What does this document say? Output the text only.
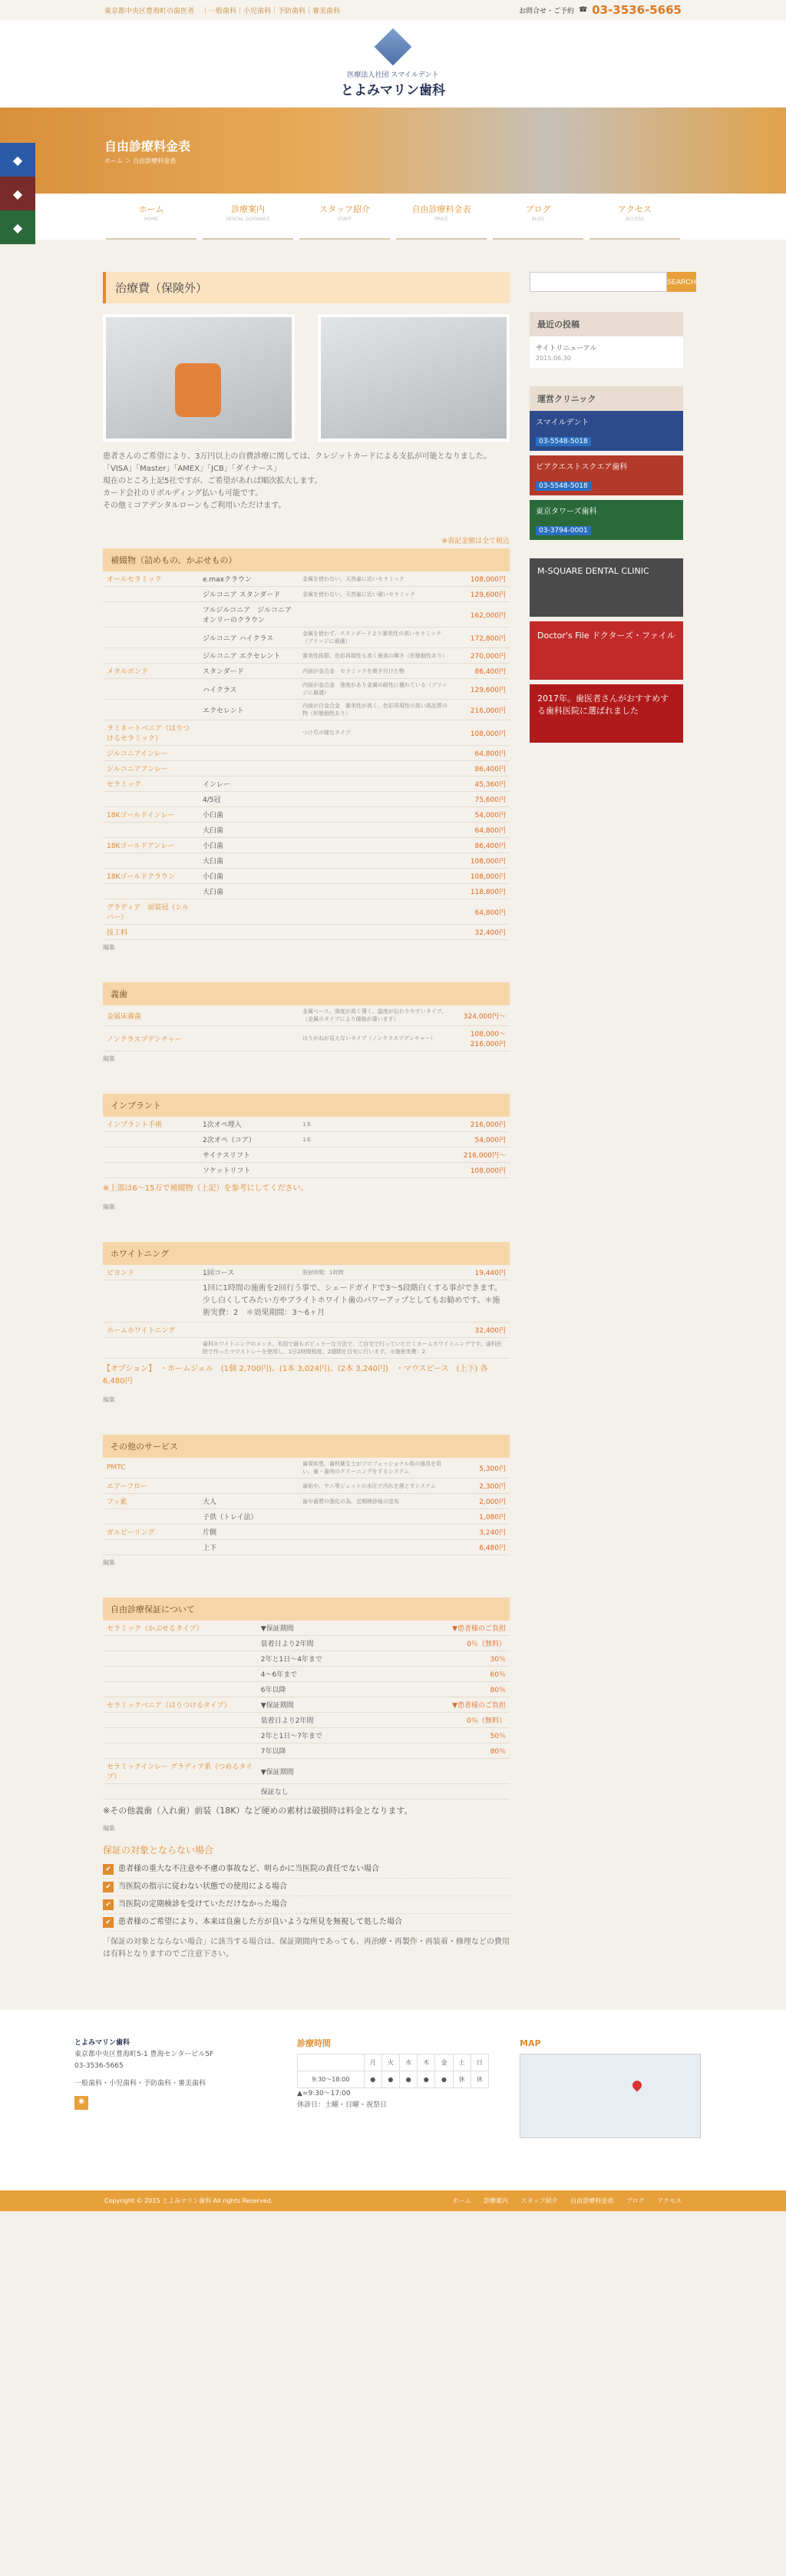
東京都中央区豊海町の歯医者 ｜一般歯科｜小児歯科｜予防歯科｜審美歯科	お問合せ・ご予約 ☎ 03-3536-5665
医療法人社団 スマイルデント
とよみマリン歯科
自由診療料金表
ホーム ＞ 自由診療料金表
◆
◆
◆
ホーム
HOME
診療案内
DENTAL GUIDANCE
スタッフ紹介
STAFF
自由診療料金表
PRICE
ブログ
BLOG
アクセス
ACCESS
治療費（保険外）

患者さんのご希望により、3万円以上の自費診療に関しては、クレジットカードによる支払が可能となりました。

「VISA」「Master」「AMEX」「JCB」「ダイナース」

現在のところ上記5社ですが、ご希望があれば順次拡大します。

カード会社のリボルディング払いも可能です。

その他ミコアデンタルローンもご利用いただけます。

※表記金額は全て税込
補綴物（詰めもの、かぶせもの）
オールセラミック	e.maxクラウン	金属を使わない、天然歯に近いセラミック	108,000円
	ジルコニア スタンダード	金属を使わない、天然歯に近い硬いセラミック	129,600円
	フルジルコニア　ジルコニアオンリーのクラウン		162,000円
	ジルコニア ハイクラス	金属を使わず、スタンダードより審美性の高いセラミック（ブリッジに最適）	172,800円
	ジルコニア エクセレント	審美性抜群。色彩再現性も高く最高の輝き（形態個性あり）	270,000円
メタルボンド	スタンダード	内面が金合金　セラミックを焼き付けた物	86,400円
	ハイクラス	内面が金合金　強度があり金属の耐性に優れている（ブリッジに最適）	129,600円
	エクセレント	内面が白金合金　審美性が高く、色彩再現性の高い高品質の物（形態個性あり）	216,000円
ラミネートベニア（はりつけるセラミック）		つけ爪の様なタイプ	108,000円
ジルコニアインレー			64,800円
ジルコニアアンレー			86,400円
セラミック	インレー		45,360円
	4/5冠		75,600円
18Kゴールドインレー	小臼歯		54,000円
	大臼歯		64,800円
18Kゴールドアンレー	小臼歯		86,400円
	大臼歯		108,000円
18Kゴールドクラウン	小臼歯		108,000円
	大臼歯		118,800円
グラディア　前装冠（シルバー）			64,800円
技工料			32,400円
編集
義歯
金属床義歯		金属ベース、強度が高く薄く、温度が伝わりやすいタイプ。（金属のタイプにより価格が違います）	324,000円〜
ノンクラスプデンチャー		はりがねが見えないタイプ（ノンクラスプデンチャー）	108,000〜216,000円
編集
インプラント
インプラント手術	1次オペ埋入	1本	216,000円
	2次オペ（コア）	1本	54,000円
	サイナスリフト		216,000円〜
	ソケットリフト		108,000円
※上部は6〜15万で補綴物（上記）を参考にしてください。
編集
ホワイトニング
ビヨンド	1回コース	照射時間：1時間	19,440円
	1回に1時間の施術を2回行う事で、シェードガイドで3〜5段階白くする事ができます。少し白くしてみたい方やブライトホワイト歯のパワーアップとしてもお勧めです。＊施術実費：2　＊効果期間：3〜6ヶ月		
ホームホワイトニング			32,400円
	歯科ホワイトニングのメッカ、米国で最もポピュラーな方法で、ご自宅で行っていただくホームホワイトニングです。歯科医院で作ったマウストレーを使用し、1日2時間程度、2週間を目安に行います。＊施術実費：2		
【オプション】　・ホームジェル　(1個 2,700円)、(1本 3,024円)、(2本 3,240円)　・マウスピース　(上下) 各6,480円
編集
その他のサービス
PMTC		歯周疾患、歯科衛生士がプロフェッショナル用の器具を用い、歯・歯肉のクリーニングをするシステム	5,300円
エアーフロー		歯垢や、ヤニ等ジェットの水圧で汚れを落とすシステム	2,300円
フッ素	大人	歯や歯質の強化の為、定期検診後の塗布	2,000円
	子供（トレイ法）		1,080円
ガルビーリング	片側		3,240円
	上下		6,480円
編集
自由診療保証について
セラミック（かぶせるタイプ）	▼保証期間	▼患者様のご負担
	装着日より2年間	0％（無料）
	2年と1日〜4年まで	30％
	4〜6年まで	60％
	6年以降	80％
セラミックベニア（はりつけるタイプ）	▼保証期間	▼患者様のご負担
	装着日より2年間	0％（無料）
	2年と1日〜7年まで	50％
	7年以降	80％
セラミックインレー グラディア系（つめるタイプ）	▼保証期間	
	保証なし	
※その他義歯（入れ歯）前装（18K）など硬めの素材は破損時は料金となります。
編集
保証の対象とならない場合
✔ 患者様の重大な不注意や不慮の事故など、明らかに当医院の責任でない場合
✔ 当医院の指示に従わない状態での使用による場合
✔ 当医院の定期検診を受けていただけなかった場合
✔ 患者様のご希望により、本来は良歯した方が良いような所見を無視して処した場合
「保証の対象とならない場合」に該当する場合は、保証期間内であっても、再治療・再製作・再装着・修理などの費用は有料となりますのでご注意下さい。
SEARCH
最近の投稿
サイトリニューアル
2015.06.30
運営クリニック
スマイルデント
03-5548-5018
ピアクエストスクエア歯科
03-5548-5018
東京タワーズ歯科
03-3794-0001
M-SQUARE DENTAL CLINIC
Doctor's File ドクターズ・ファイル
2017年。歯医者さんがおすすめする歯科医院に選ばれました
とよみマリン歯科
東京都中央区豊海町5-1 豊海センタービル5F
03-3536-5665
一般歯科・小児歯科・予防歯科・審美歯科
◉
診療時間
	月	火	水	木	金	土	日
9:30〜18:00	●	●	●	●	●	休	休
▲=9:30〜17:00
休診日：土曜・日曜・祝祭日
MAP
Copyright © 2015 とよみマリン歯科 All rights Reserved.	ホーム 診療案内 スタッフ紹介 自由診療料金表 ブログ アクセス
